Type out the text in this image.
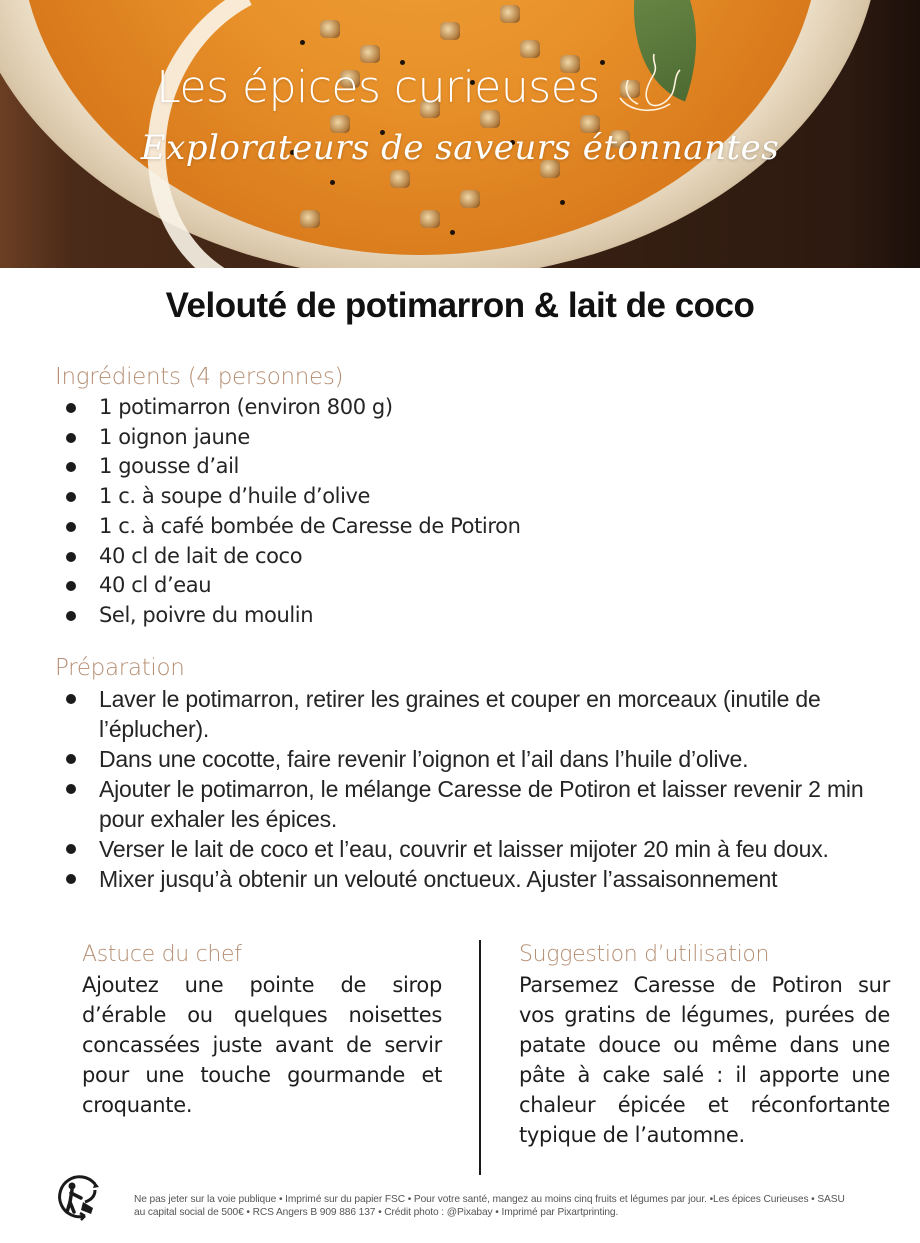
Les épices curieuses
Explorateurs de saveurs étonnantes
Velouté de potimarron & lait de coco
Ingrédients (4 personnes)
1 potimarron (environ 800 g)
1 oignon jaune
1 gousse d’ail
1 c. à soupe d’huile d’olive
1 c. à café bombée de Caresse de Potiron
40 cl de lait de coco
40 cl d’eau
Sel, poivre du moulin
Préparation
Laver le potimarron, retirer les graines et couper en morceaux (inutile de l’éplucher).
Dans une cocotte, faire revenir l’oignon et l’ail dans l’huile d’olive.
Ajouter le potimarron, le mélange Caresse de Potiron et laisser revenir 2 min pour exhaler les épices.
Verser le lait de coco et l’eau, couvrir et laisser mijoter 20 min à feu doux.
Mixer jusqu’à obtenir un velouté onctueux. Ajuster l’assaisonnement
Astuce du chef

Ajoutez une pointe de sirop d’érable ou quelques noisettes concassées juste avant de servir pour une touche gourmande et croquante.

Suggestion d’utilisation

Parsemez Caresse de Potiron sur vos gratins de légumes, purées de patate douce ou même dans une pâte à cake salé : il apporte une chaleur épicée et réconfortante typique de l’automne.

Ne pas jeter sur la voie publique • Imprimé sur du papier FSC • Pour votre santé, mangez au moins cinq fruits et légumes par jour. •Les épices Curieuses • SASU
au capital social de 500€ • RCS Angers B 909 886 137 • Crédit photo : @Pixabay • Imprimé par Pixartprinting.
